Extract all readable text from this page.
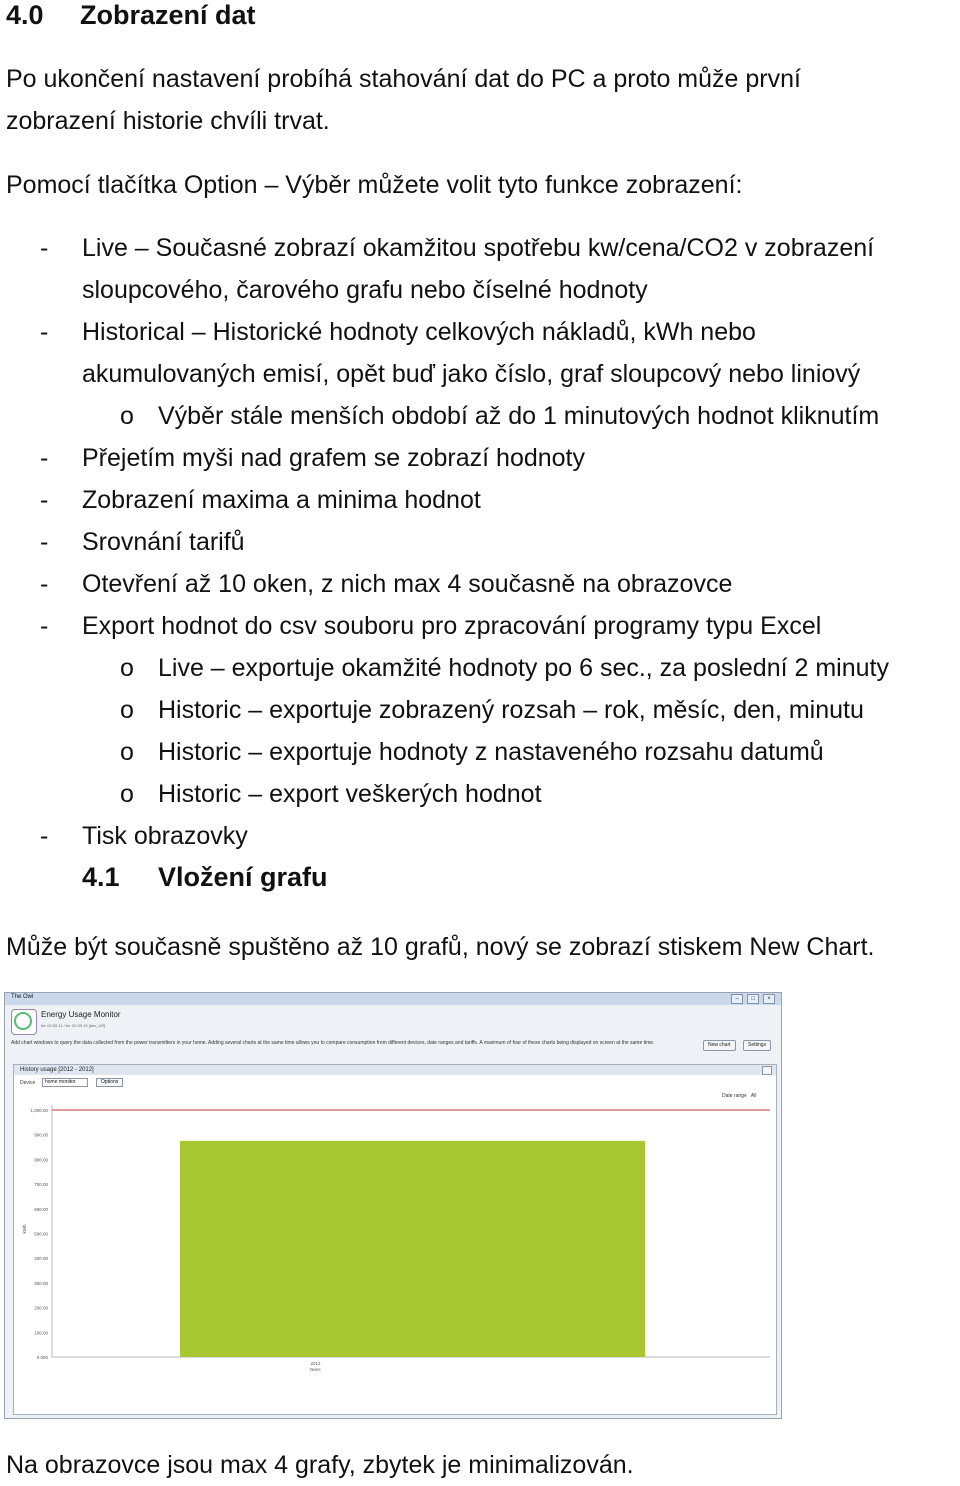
4.0 Zobrazení dat

Po ukončení nastavení probíhá stahování dat do PC a proto může první

zobrazení historie chvíli trvat.

Pomocí tlačítka Option – Výběr můžete volit tyto funkce zobrazení:

- Live – Současné zobrazí okamžitou spotřebu kw/cena/CO2 v zobrazení
sloupcového, čarového grafu nebo číselné hodnoty
- Historical – Historické hodnoty celkových nákladů, kWh nebo
akumulovaných emisí, opět buď jako číslo, graf sloupcový nebo liniový
o Výběr stále menších období až do 1 minutových hodnot kliknutím
- Přejetím myši nad grafem se zobrazí hodnoty
- Zobrazení maxima a minima hodnot
- Srovnání tarifů
- Otevření až 10 oken, z nich max 4 současně na obrazovce
- Export hodnot do csv souboru pro zpracování programy typu Excel
o Live – exportuje okamžité hodnoty po 6 sec., za poslední 2 minuty
o Historic – exportuje zobrazený rozsah – rok, měsíc, den, minutu
o Historic – exportuje hodnoty z nastaveného rozsahu datumů
o Historic – export veškerých hodnot
- Tisk obrazovky
4.1 Vložení grafu

Může být současně spuštěno až 10 grafů, nový se zobrazí stiskem New Chart.

The Owl	–	□	×
Energy Usage Monitor
fw: 02.09.11 / fw: 02.09.19 [dev_US]
Add chart windows to query the data collected from the power transmitters in your home. Adding several charts at the same time allows you to compare consumption from different devices, date ranges and tariffs. A maximum of four of these charts being displayed on screen at the same time.	New chart	Settings
History usage [2012 - 2012]
Device	home monitor	Options
Date range All
1,000.00
900.00
800.00
700.00
600.00
500.00
400.00
300.00
200.00
100.00
0.000
kWh
2012
Years

Na obrazovce jsou max 4 grafy, zbytek je minimalizován.
